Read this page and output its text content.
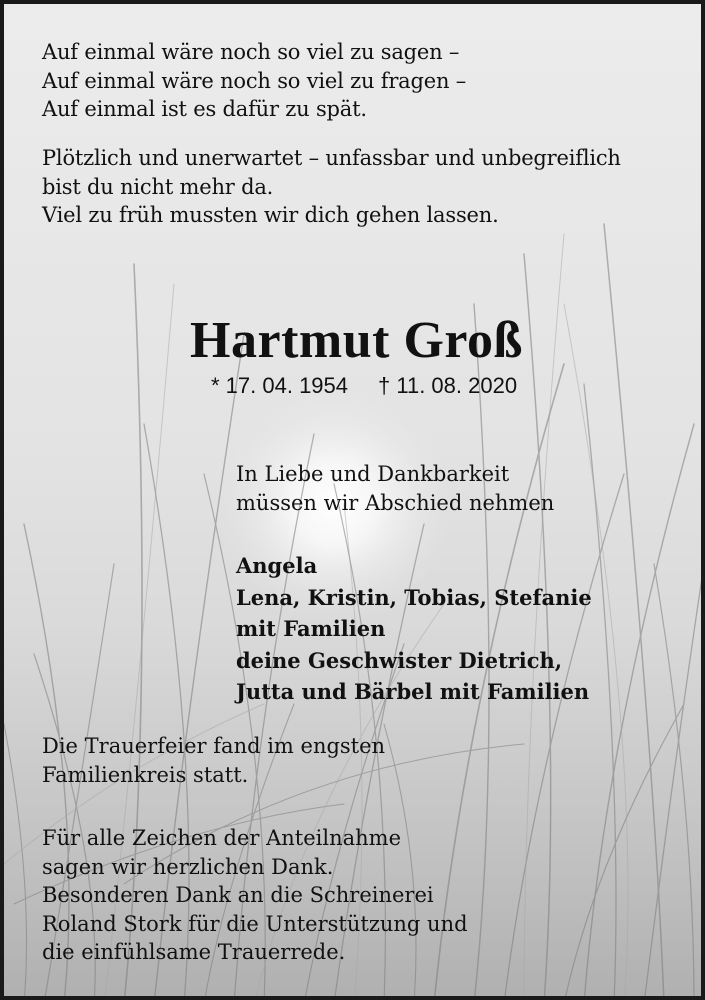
Auf einmal wäre noch so viel zu sagen –
Auf einmal wäre noch so viel zu fragen –
Auf einmal ist es dafür zu spät.
Plötzlich und unerwartet – unfassbar und unbegreiflich
bist du nicht mehr da.
Viel zu früh mussten wir dich gehen lassen.
Hartmut Groß
* 17. 04. 1954 † 11. 08. 2020
In Liebe und Dankbarkeit
müssen wir Abschied nehmen
Angela
Lena, Kristin, Tobias, Stefanie
mit Familien
deine Geschwister Dietrich,
Jutta und Bärbel mit Familien
Die Trauerfeier fand im engsten
Familienkreis statt.
Für alle Zeichen der Anteilnahme
sagen wir herzlichen Dank.
Besonderen Dank an die Schreinerei
Roland Stork für die Unterstützung und
die einfühlsame Trauerrede.
